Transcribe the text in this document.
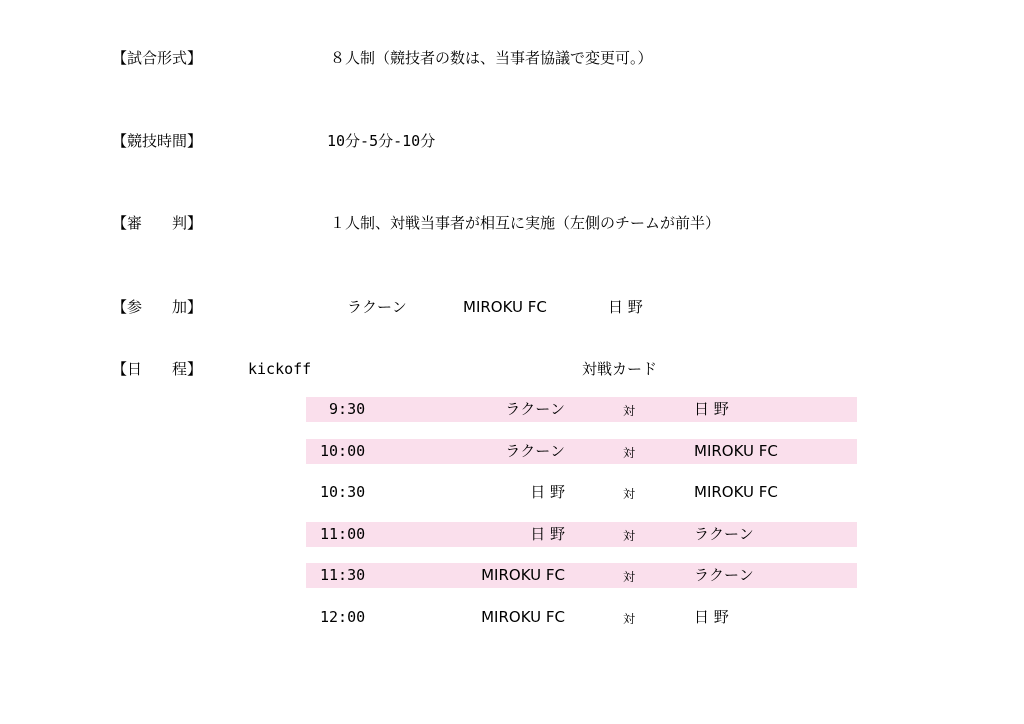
【試合形式】	８人制（競技者の数は、当事者協議で変更可。）
【競技時間】	10分-5分-10分
【審　　判】	１人制、対戦当事者が相互に実施（左側のチームが前半）
【参　　加】	ラクーン	MIROKU FC	日 野
【日　　程】	kickoff	対戦カード
9:30	ラクーン	対	日 野
10:00	ラクーン	対	MIROKU FC
10:30	日 野	対	MIROKU FC
11:00	日 野	対	ラクーン
11:30	MIROKU FC	対	ラクーン
12:00	MIROKU FC	対	日 野
